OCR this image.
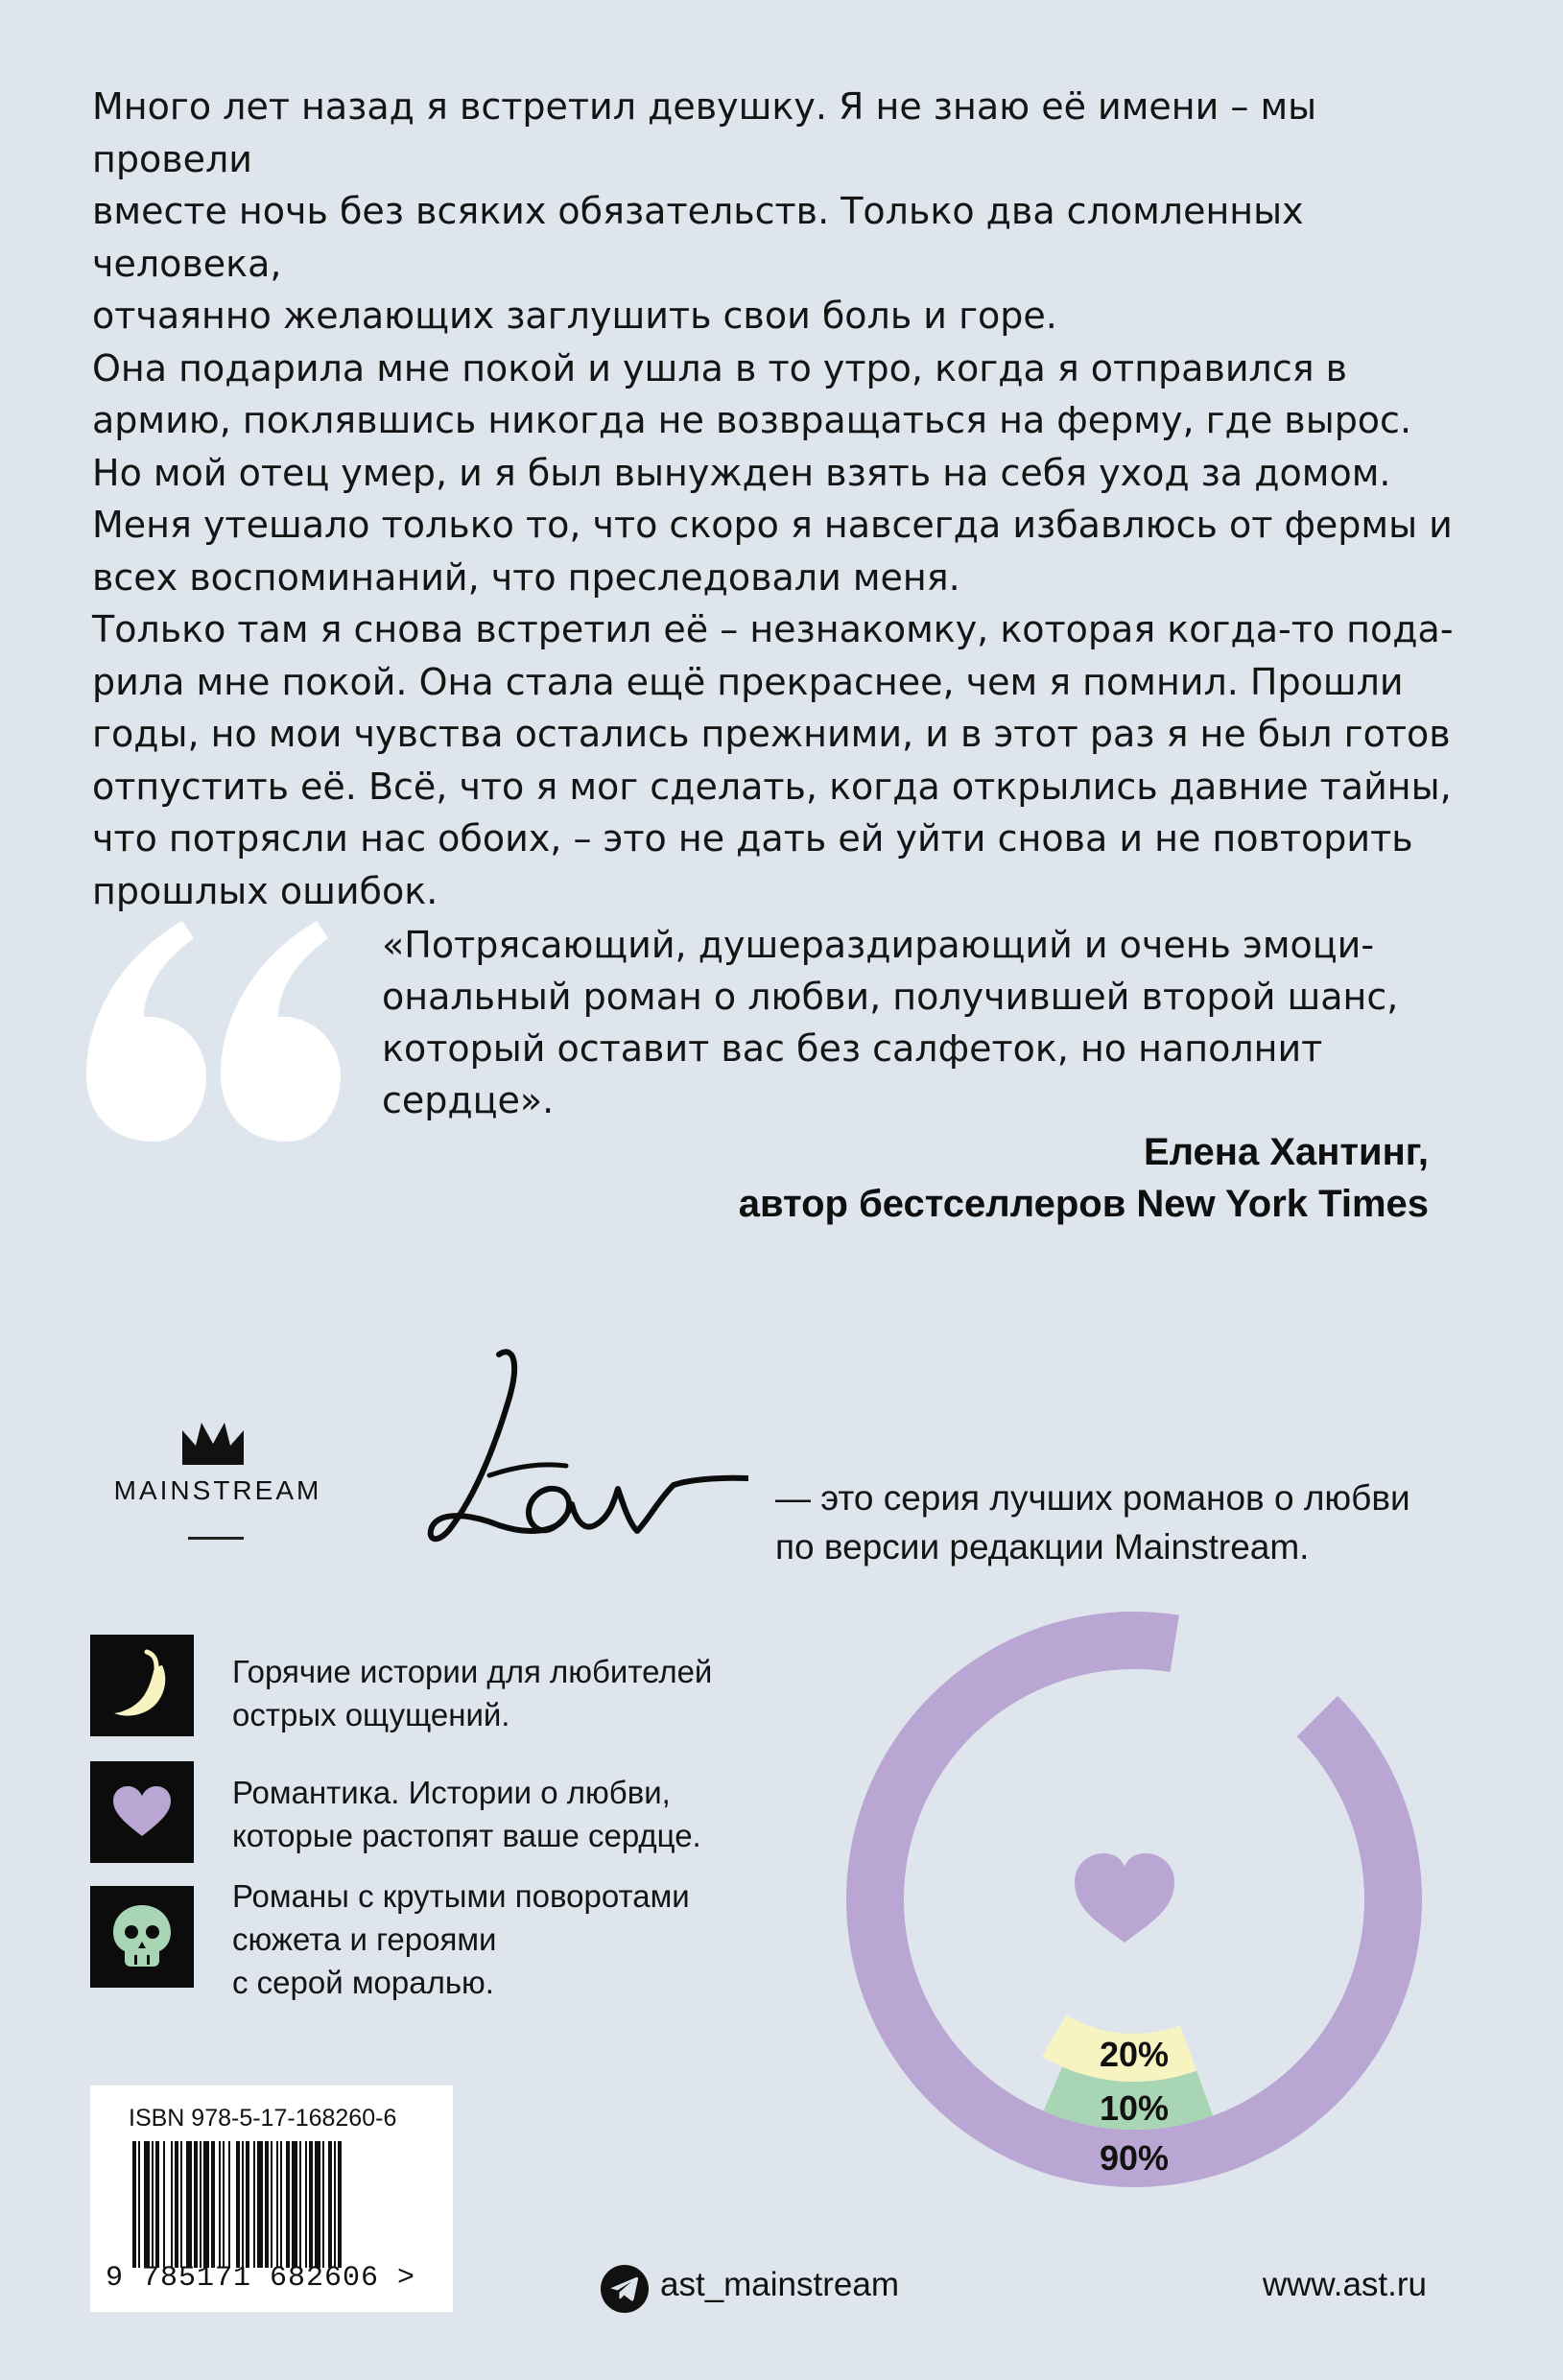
Много лет назад я встретил девушку. Я не знаю её имени – мы провели

вместе ночь без всяких обязательств. Только два сломленных человека,

отчаянно желающих заглушить свои боль и горе.

Она подарила мне покой и ушла в то утро, когда я отправился в

армию, поклявшись никогда не возвращаться на ферму, где вырос.

Но мой отец умер, и я был вынужден взять на себя уход за домом.

Меня утешало только то, что скоро я навсегда избавлюсь от фермы и

всех воспоминаний, что преследовали меня.

Только там я снова встретил её – незнакомку, которая когда-то пода-

рила мне покой. Она стала ещё прекраснее, чем я помнил. Прошли

годы, но мои чувства остались прежними, и в этот раз я не был готов

отпустить её. Всё, что я мог сделать, когда открылись давние тайны,

что потрясли нас обоих, – это не дать ей уйти снова и не повторить

прошлых ошибок.

«Потрясающий, душераздирающий и очень эмоци-

ональный роман о любви, получившей второй шанс,

который оставит вас без салфеток, но наполнит

сердце».

Елена Хантинг,
автор бестселлеров New York Times
MAINSTREAM	— это серия лучших романов о любви

по версии редакции Mainstream.

Горячие истории для любителей

острых ощущений.

Романтика. Истории о любви,

которые растопят ваше сердце.

Романы с крутыми поворотами

сюжета и героями

с серой моралью.

20%
10%
90%
ISBN 978-5-17-168260-6
9 785171 682606 >	ast_mainstream	www.ast.ru
